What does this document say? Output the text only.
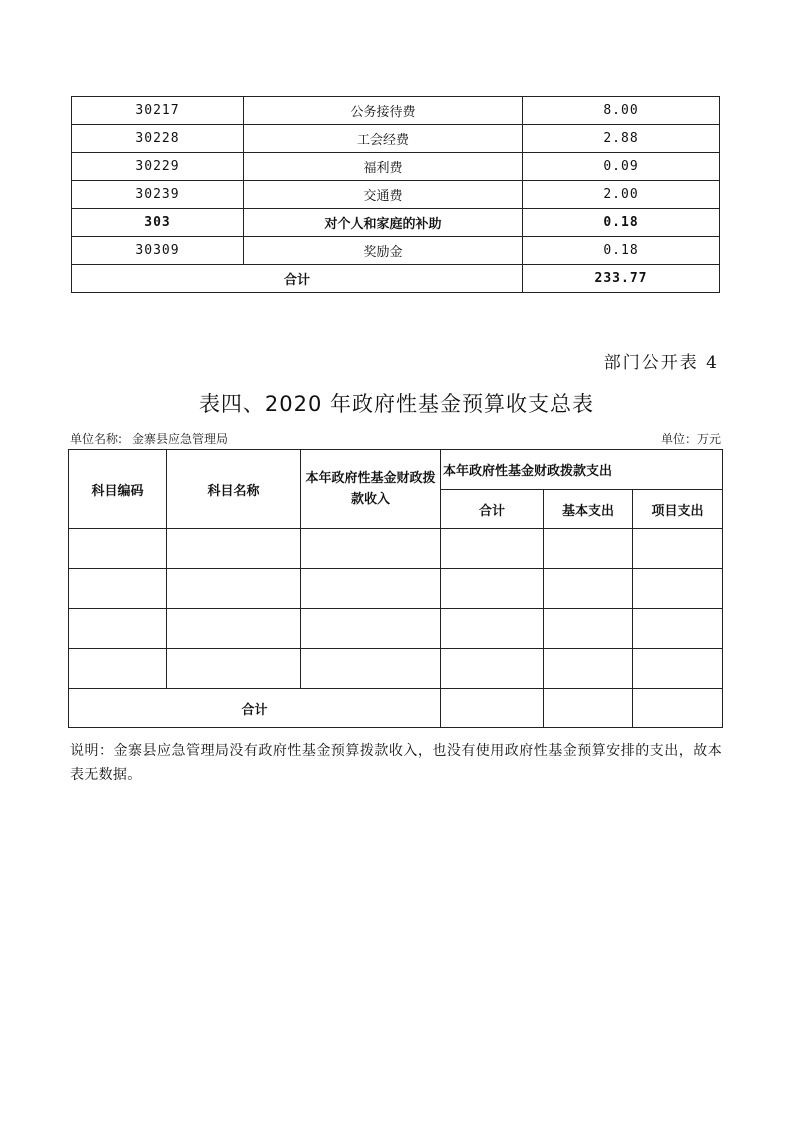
30217	公务接待费	8.00
30228	工会经费	2.88
30229	福利费	0.09
30239	交通费	2.00
303	对个人和家庭的补助	0.18
30309	奖励金	0.18
合计		233.77
部门公开表 4
表四、2020 年政府性基金预算收支总表
单位名称: 金寨县应急管理局	单位：万元
科目编码	科目名称	本年政府性基金财政拨款收入	本年政府性基金财政拨款支出		
			合计	基本支出	项目支出

合计					
说明：金寨县应急管理局没有政府性基金预算拨款收入，也没有使用政府性基金预算安排的支出，故本表无数据。
